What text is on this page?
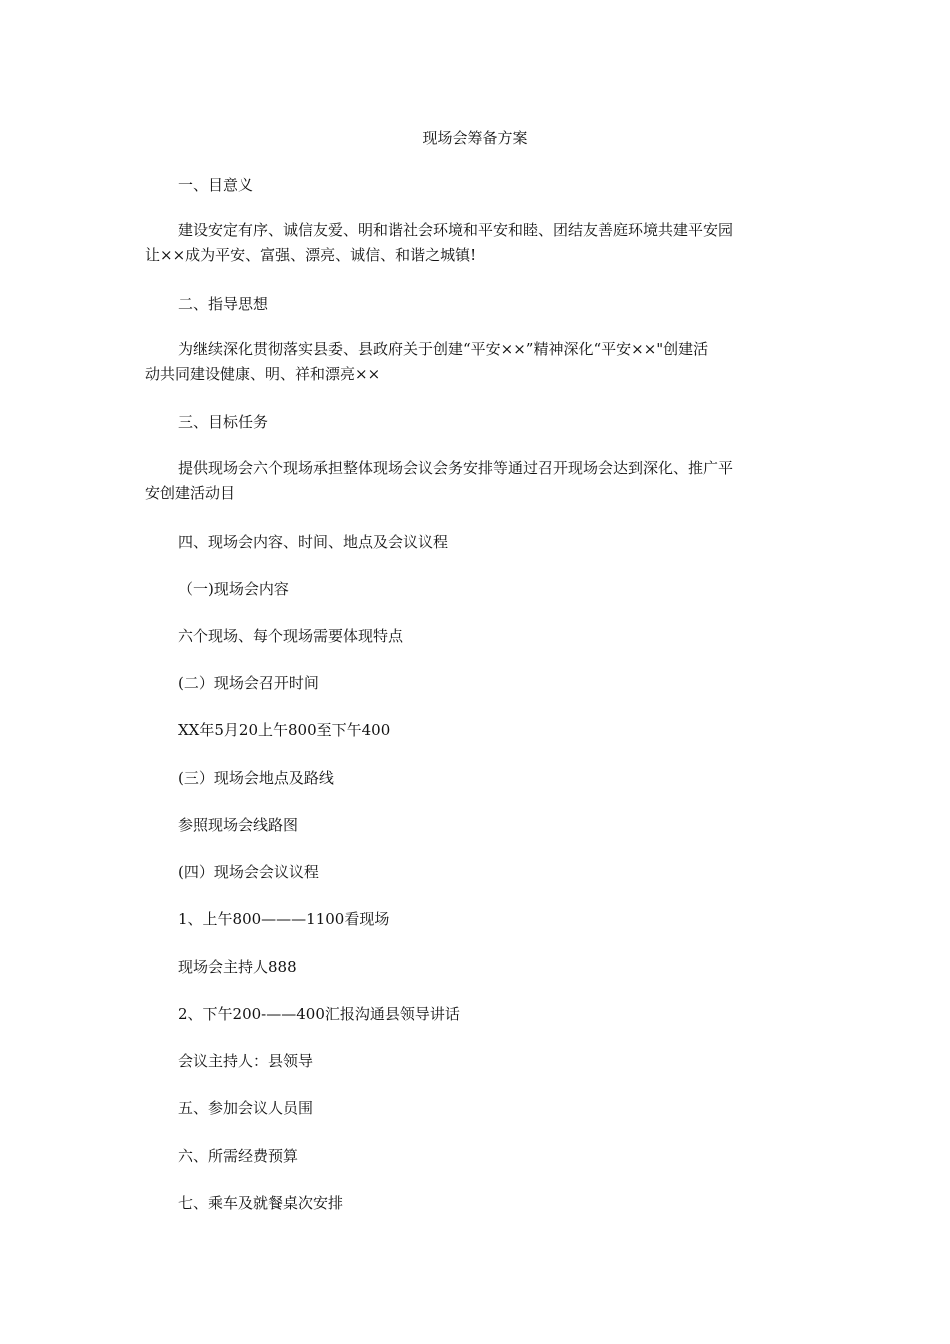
现场会筹备方案
一、目意义
建设安定有序、诚信友爱、明和谐社会环境和平安和睦、团结友善庭环境共建平安园
让××成为平安、富强、漂亮、诚信、和谐之城镇!
二、指导思想
为继续深化贯彻落实县委、县政府关于创建“平安××”精神深化“平安××"创建活
动共同建设健康、明、祥和漂亮××
三、目标任务
提供现场会六个现场承担整体现场会议会务安排等通过召开现场会达到深化、推广平
安创建活动目
四、现场会内容、时间、地点及会议议程
（一)现场会内容
六个现场、每个现场需要体现特点
(二）现场会召开时间
XX年5月20上午800至下午400
(三）现场会地点及路线
参照现场会线路图
(四）现场会会议议程
1、上午800———1100看现场
现场会主持人888
2、下午200-——400汇报沟通县领导讲话
会议主持人：县领导
五、参加会议人员围
六、所需经费预算
七、乘车及就餐桌次安排
